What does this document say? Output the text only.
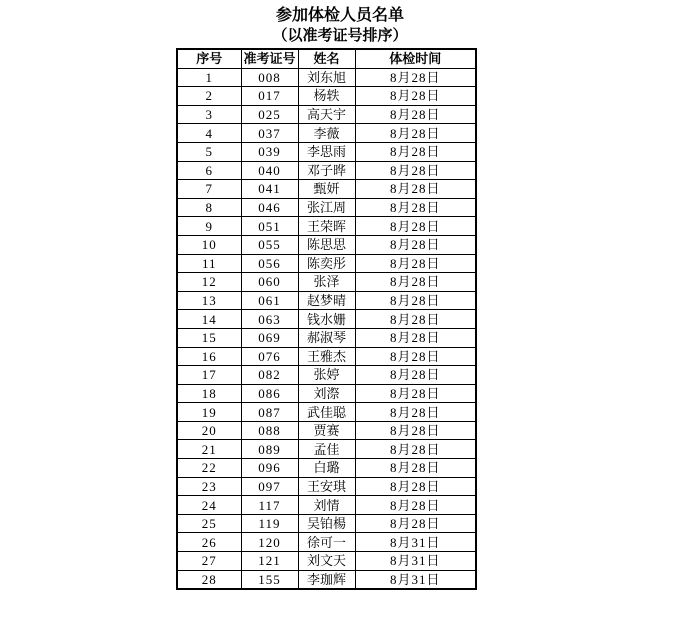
参加体检人员名单
（以准考证号排序）
序号	准考证号	姓名	体检时间
1	008	刘东旭	8月28日
2	017	杨轶	8月28日
3	025	高天宇	8月28日
4	037	李薇	8月28日
5	039	李思雨	8月28日
6	040	邓子晔	8月28日
7	041	甄妍	8月28日
8	046	张江周	8月28日
9	051	王荣晖	8月28日
10	055	陈思思	8月28日
11	056	陈奕彤	8月28日
12	060	张泽	8月28日
13	061	赵梦晴	8月28日
14	063	钱水姗	8月28日
15	069	郝淑琴	8月28日
16	076	王雅杰	8月28日
17	082	张婷	8月28日
18	086	刘漈	8月28日
19	087	武佳聪	8月28日
20	088	贾赛	8月28日
21	089	孟佳	8月28日
22	096	白璐	8月28日
23	097	王安琪	8月28日
24	117	刘情	8月28日
25	119	吴铂楊	8月28日
26	120	徐可一	8月31日
27	121	刘文天	8月31日
28	155	李珈辉	8月31日
